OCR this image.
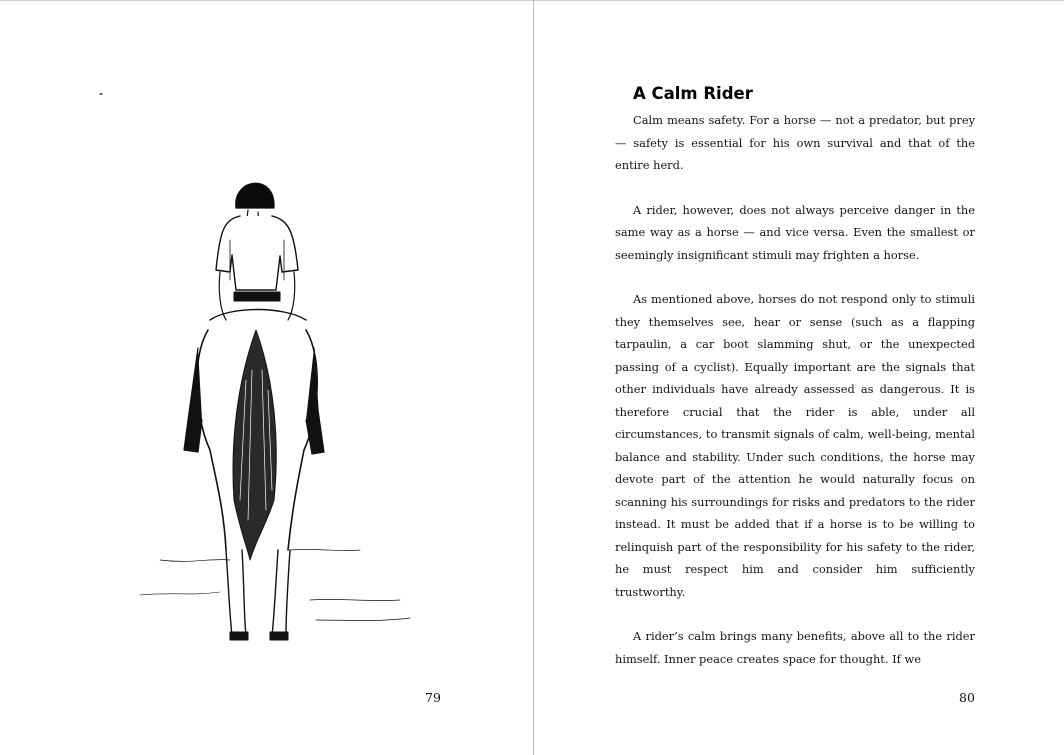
79
A Calm Rider

Calm means safety. For a horse — not a predator, but prey — safety is essential for his own survival and that of the entire herd.

A rider, however, does not always perceive danger in the same way as a horse — and vice versa. Even the smallest or seemingly insignificant stimuli may frighten a horse.

As mentioned above, horses do not respond only to stimuli they themselves see, hear or sense (such as a flapping tarpaulin, a car boot slamming shut, or the unexpected passing of a cyclist). Equally important are the signals that other individuals have already assessed as dangerous. It is therefore crucial that the rider is able, under all circumstances, to transmit signals of calm, well-being, mental balance and stability. Under such conditions, the horse may devote part of the attention he would naturally focus on scanning his surroundings for risks and predators to the rider instead. It must be added that if a horse is to be willing to relinquish part of the responsibility for his safety to the rider, he must respect him and consider him sufficiently trustworthy.

A rider’s calm brings many benefits, above all to the rider himself. Inner peace creates space for thought. If we

80
